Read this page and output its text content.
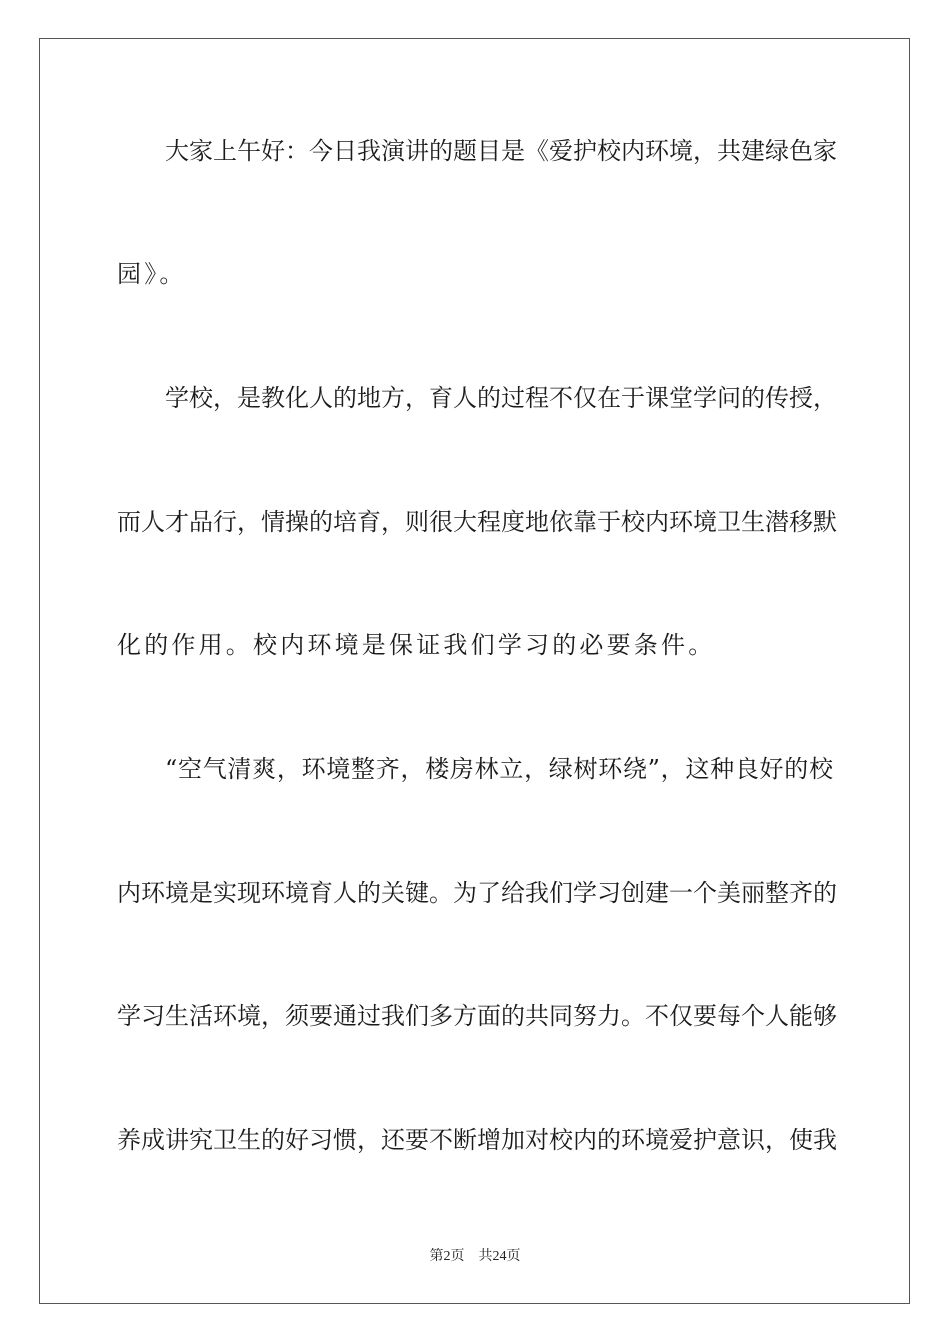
大家上午好：今日我演讲的题目是《爱护校内环境，共建绿色家
园》。
学校，是教化人的地方，育人的过程不仅在于课堂学问的传授，
而人才品行，情操的培育，则很大程度地依靠于校内环境卫生潜移默
化的作用。校内环境是保证我们学习的必要条件。
“空气清爽，环境整齐，楼房林立，绿树环绕”，这种良好的校
内环境是实现环境育人的关键。为了给我们学习创建一个美丽整齐的
学习生活环境，须要通过我们多方面的共同努力。不仅要每个人能够
养成讲究卫生的好习惯，还要不断增加对校内的环境爱护意识，使我
第2页 共24页
